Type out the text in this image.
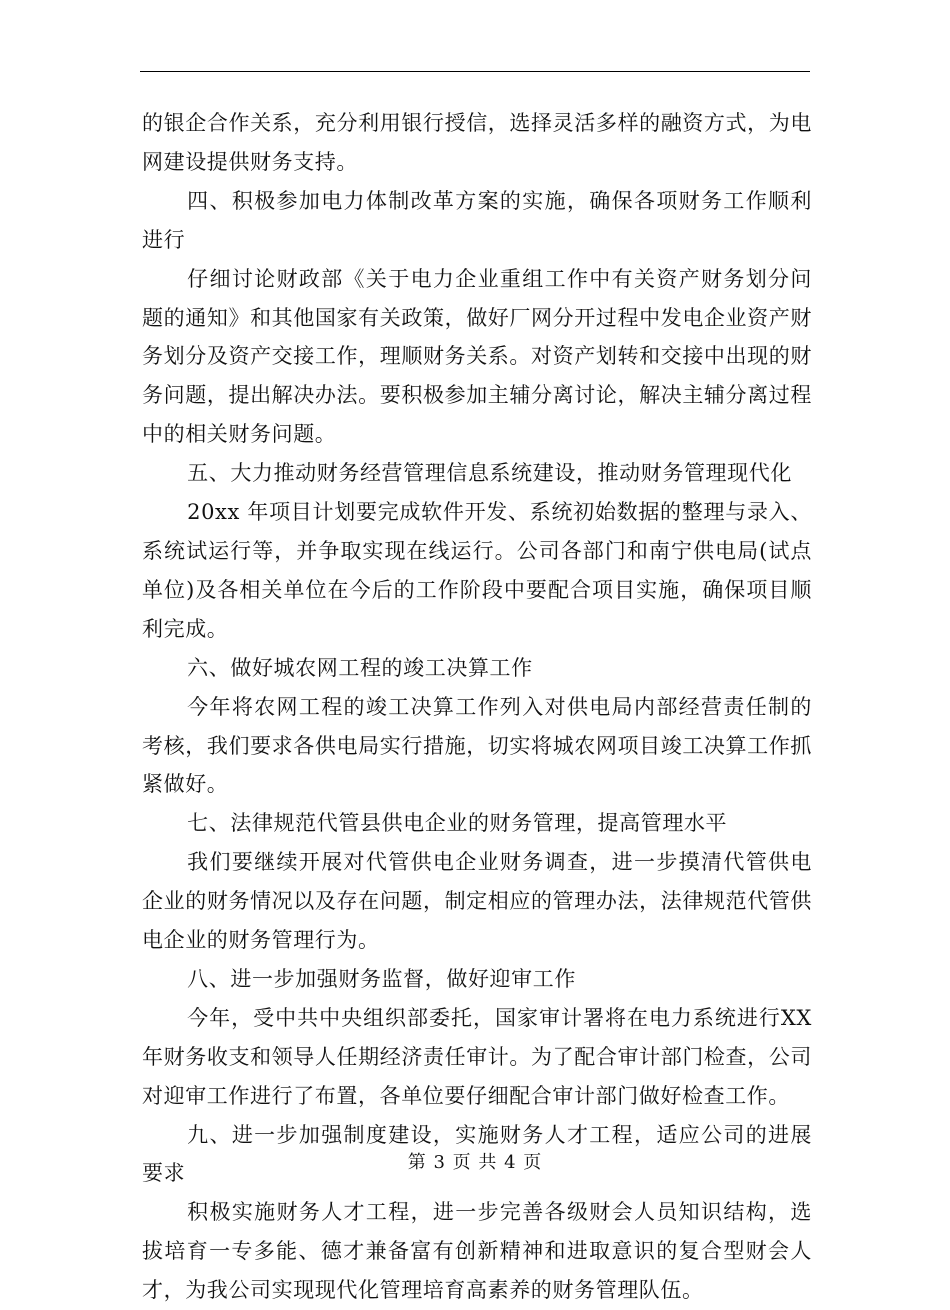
的银企合作关系，充分利用银行授信，选择灵活多样的融资方式，为电网建设提供财务支持。

四、积极参加电力体制改革方案的实施，确保各项财务工作顺利进行

仔细讨论财政部《关于电力企业重组工作中有关资产财务划分问题的通知》和其他国家有关政策，做好厂网分开过程中发电企业资产财务划分及资产交接工作，理顺财务关系。对资产划转和交接中出现的财务问题，提出解决办法。要积极参加主辅分离讨论，解决主辅分离过程中的相关财务问题。

五、大力推动财务经营管理信息系统建设，推动财务管理现代化

20xx 年项目计划要完成软件开发、系统初始数据的整理与录入、系统试运行等，并争取实现在线运行。公司各部门和南宁供电局(试点单位)及各相关单位在今后的工作阶段中要配合项目实施，确保项目顺利完成。

六、做好城农网工程的竣工决算工作

今年将农网工程的竣工决算工作列入对供电局内部经营责任制的考核，我们要求各供电局实行措施，切实将城农网项目竣工决算工作抓紧做好。

七、法律规范代管县供电企业的财务管理，提高管理水平

我们要继续开展对代管供电企业财务调查，进一步摸清代管供电企业的财务情况以及存在问题，制定相应的管理办法，法律规范代管供电企业的财务管理行为。

八、进一步加强财务监督，做好迎审工作

今年，受中共中央组织部委托，国家审计署将在电力系统进行XX年财务收支和领导人任期经济责任审计。为了配合审计部门检查，公司对迎审工作进行了布置，各单位要仔细配合审计部门做好检查工作。

九、进一步加强制度建设，实施财务人才工程，适应公司的进展要求

积极实施财务人才工程，进一步完善各级财会人员知识结构，选拔培育一专多能、德才兼备富有创新精神和进取意识的复合型财会人才，为我公司实现现代化管理培育高素养的财务管理队伍。

第 3 页 共 4 页
